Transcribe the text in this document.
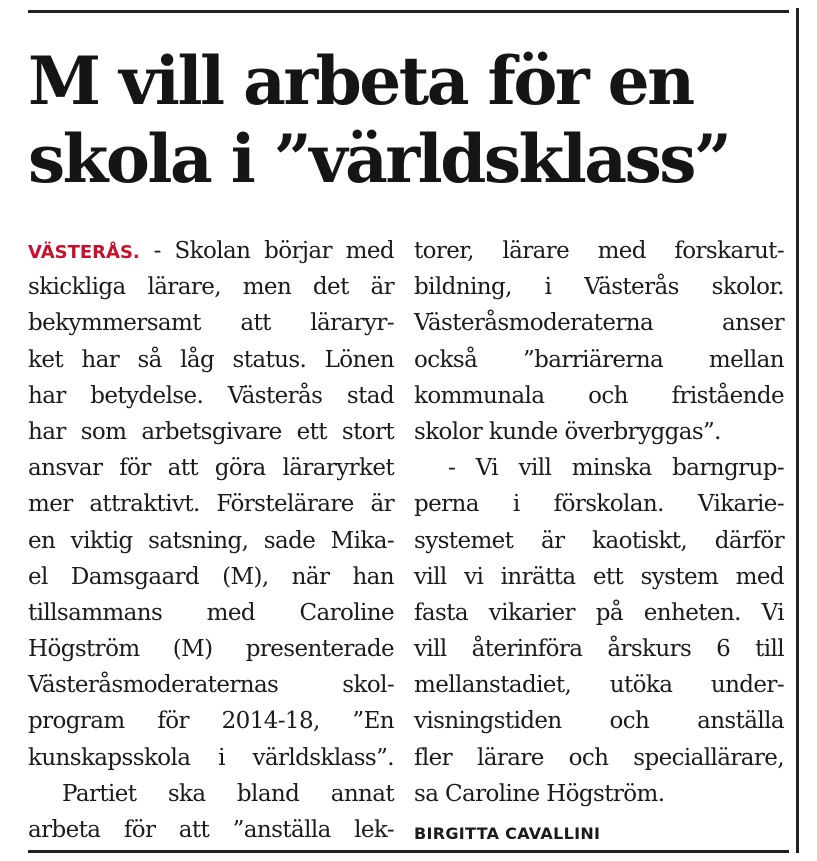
M vill arbeta för en
skola i ”världsklass”
VÄSTERÅS. - Skolan börjar med
skickliga lärare, men det är
bekymmersamt att läraryr-
ket har så låg status. Lönen
har betydelse. Västerås stad
har som arbetsgivare ett stort
ansvar för att göra läraryrket
mer attraktivt. Förstelärare är
en viktig satsning, sade Mika-
el Damsgaard (M), när han
tillsammans med Caroline
Högström (M) presenterade
Västeråsmoderaternas skol-
program för 2014-18, ”En
kunskapsskola i världsklass”.
Partiet ska bland annat
arbeta för att ”anställa lek-
torer, lärare med forskarut-
bildning, i Västerås skolor.
Västeråsmoderaterna anser
också ”barriärerna mellan
kommunala och fristående
skolor kunde överbryggas”.
- Vi vill minska barngrup-
perna i förskolan. Vikarie-
systemet är kaotiskt, därför
vill vi inrätta ett system med
fasta vikarier på enheten. Vi
vill återinföra årskurs 6 till
mellanstadiet, utöka under-
visningstiden och anställa
fler lärare och speciallärare,
sa Caroline Högström.
BIRGITTA CAVALLINI
